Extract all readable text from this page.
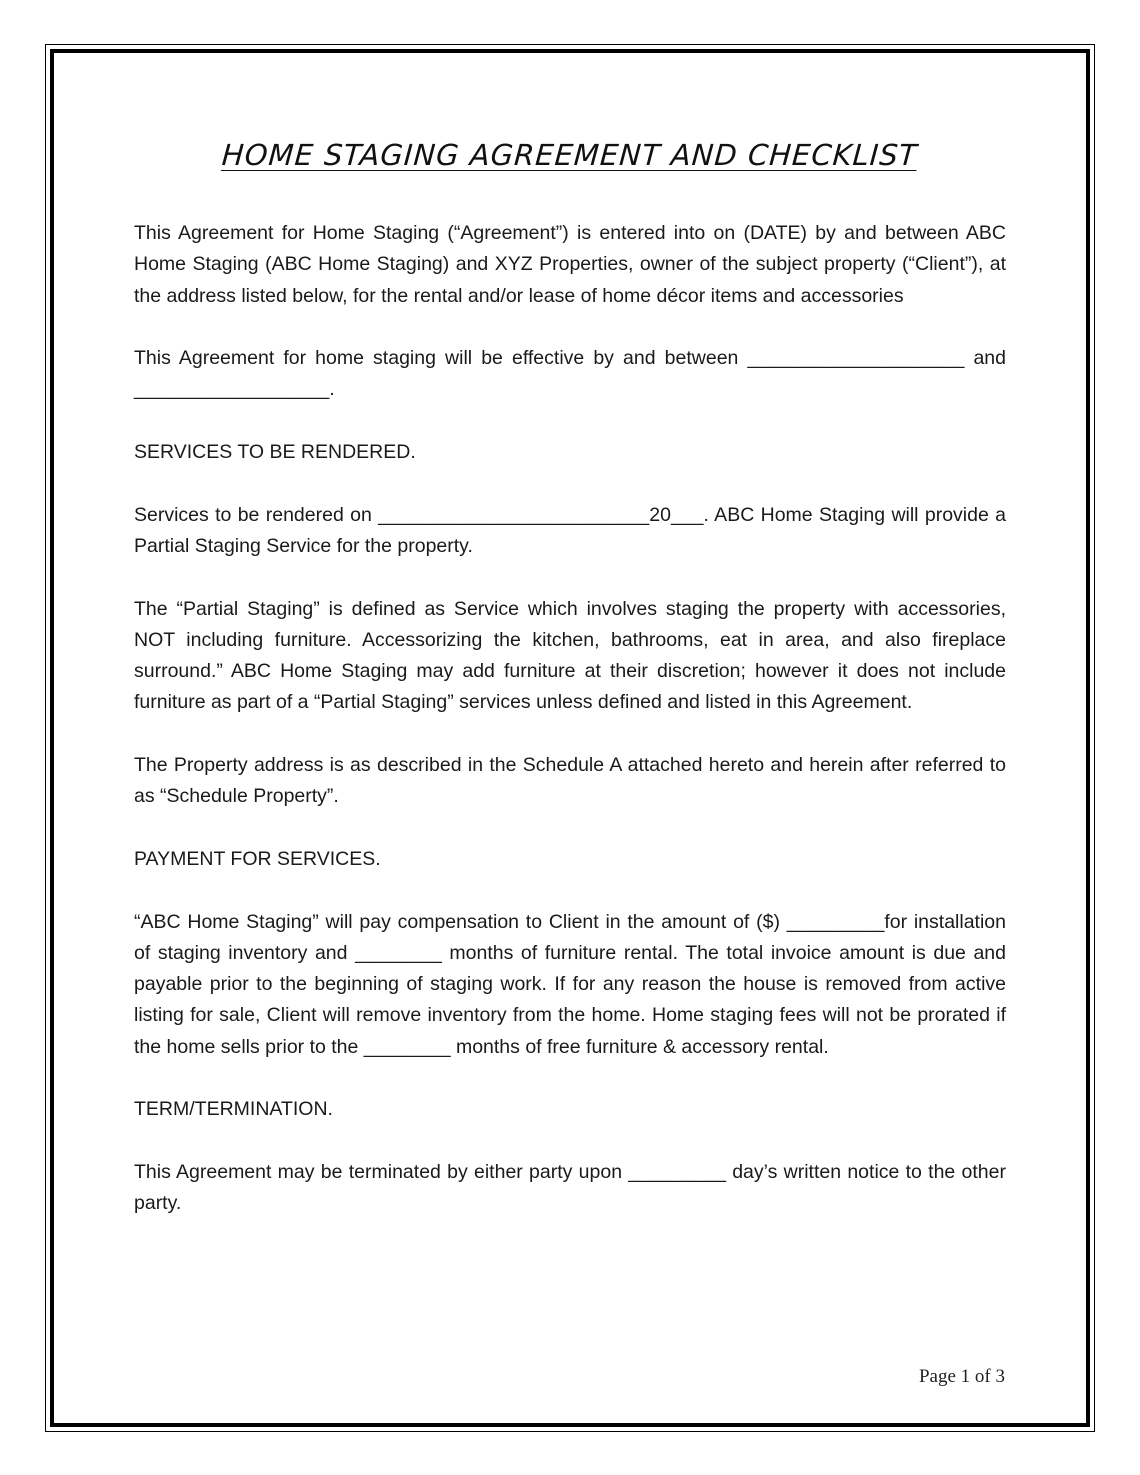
HOME STAGING AGREEMENT AND CHECKLIST

This Agreement for Home Staging (“Agreement”) is entered into on (DATE) by and between ABC Home Staging (ABC Home Staging) and XYZ Properties, owner of the subject property (“Client”), at the address listed below, for the rental and/or lease of home décor items and accessories

This Agreement for home staging will be effective by and between ____________________ and __________________.

SERVICES TO BE RENDERED.

Services to be rendered on _________________________20___. ABC Home Staging will provide a Partial Staging Service for the property.

The “Partial Staging” is defined as Service which involves staging the property with accessories, NOT including furniture. Accessorizing the kitchen, bathrooms, eat in area, and also fireplace surround.” ABC Home Staging may add furniture at their discretion; however it does not include furniture as part of a “Partial Staging” services unless defined and listed in this Agreement.

The Property address is as described in the Schedule A attached hereto and herein after referred to as “Schedule Property”.

PAYMENT FOR SERVICES.

“ABC Home Staging” will pay compensation to Client in the amount of ($) _________for installation of staging inventory and ________ months of furniture rental. The total invoice amount is due and payable prior to the beginning of staging work. If for any reason the house is removed from active listing for sale, Client will remove inventory from the home. Home staging fees will not be prorated if the home sells prior to the ________ months of free furniture & accessory rental.

TERM/TERMINATION.

This Agreement may be terminated by either party upon _________ day’s written notice to the other party.

Page 1 of 3
